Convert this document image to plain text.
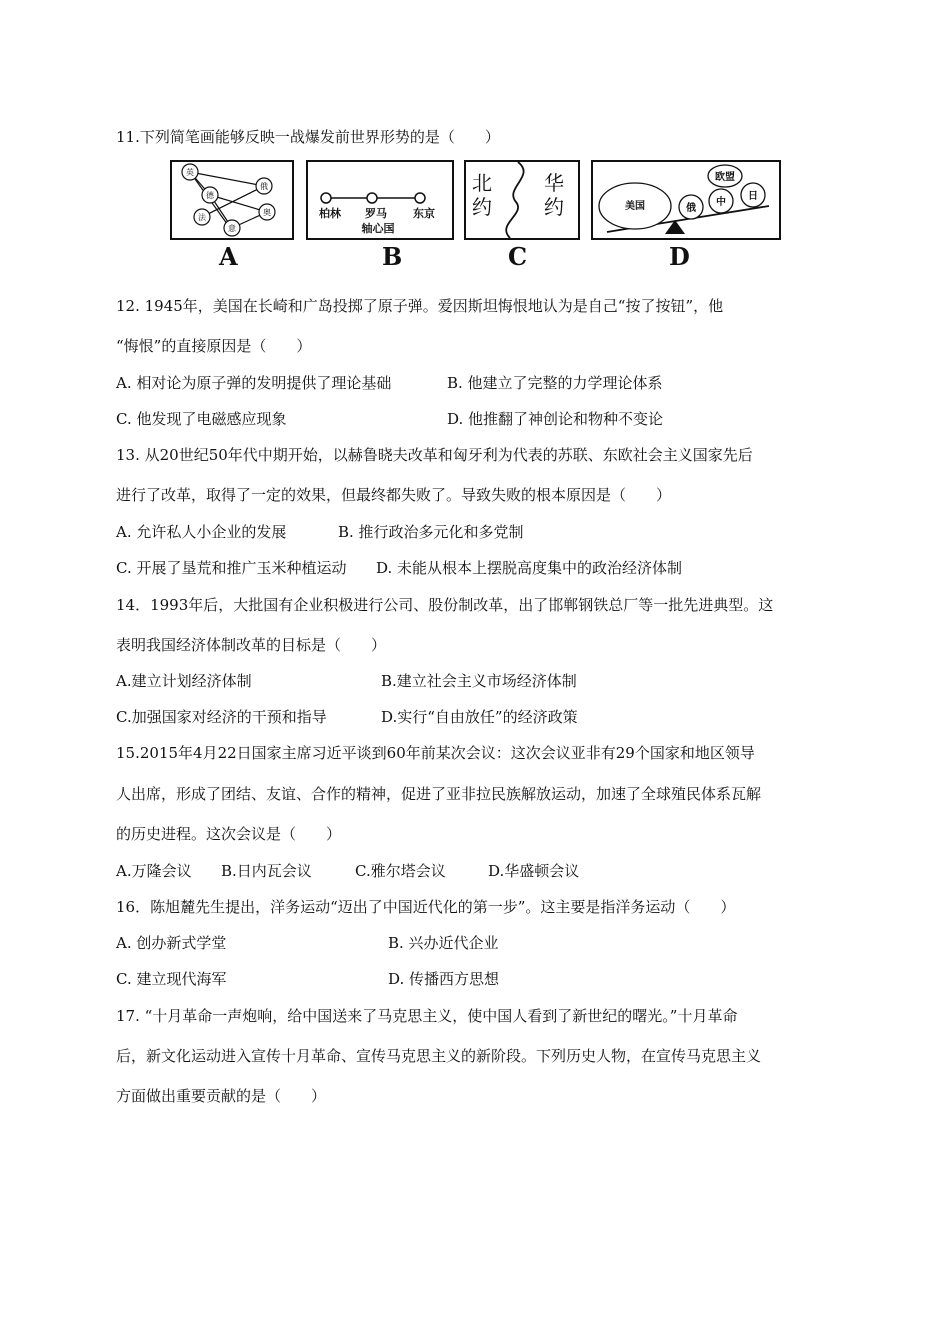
11.下列简笔画能够反映一战爆发前世界形势的是（　　）
英
德
俄
法
奥
意
A
柏林 罗马 东京
轴心国
B
北
约
华
约
C
美国	俄
中
欧盟
日
D
12. 1945年，美国在长崎和广岛投掷了原子弹。爱因斯坦悔恨地认为是自己“按了按钮”，他
“悔恨”的直接原因是（　　）
A. 相对论为原子弹的发明提供了理论基础	B. 他建立了完整的力学理论体系
C. 他发现了电磁感应现象	D. 他推翻了神创论和物种不变论
13. 从20世纪50年代中期开始，以赫鲁晓夫改革和匈牙利为代表的苏联、东欧社会主义国家先后
进行了改革，取得了一定的效果，但最终都失败了。导致失败的根本原因是（　　）
A. 允许私人小企业的发展	B. 推行政治多元化和多党制
C. 开展了垦荒和推广玉米种植运动 D. 未能从根本上摆脱高度集中的政治经济体制
14．1993年后，大批国有企业积极进行公司、股份制改革，出了邯郸钢铁总厂等一批先进典型。这
表明我国经济体制改革的目标是（　　）
A.建立计划经济体制	B.建立社会主义市场经济体制
C.加强国家对经济的干预和指导	D.实行“自由放任”的经济政策
15.2015年4月22日国家主席习近平谈到60年前某次会议：这次会议亚非有29个国家和地区领导
人出席，形成了团结、友谊、合作的精神，促进了亚非拉民族解放运动，加速了全球殖民体系瓦解
的历史进程。这次会议是（　　）
A.万隆会议 B.日内瓦会议	C.雅尔塔会议	D.华盛顿会议
16．陈旭麓先生提出，洋务运动“迈出了中国近代化的第一步”。这主要是指洋务运动（　　）
A. 创办新式学堂	B. 兴办近代企业
C. 建立现代海军	D. 传播西方思想
17. “十月革命一声炮响，给中国送来了马克思主义，使中国人看到了新世纪的曙光。”十月革命
后，新文化运动进入宣传十月革命、宣传马克思主义的新阶段。下列历史人物，在宣传马克思主义
方面做出重要贡献的是（　　）
